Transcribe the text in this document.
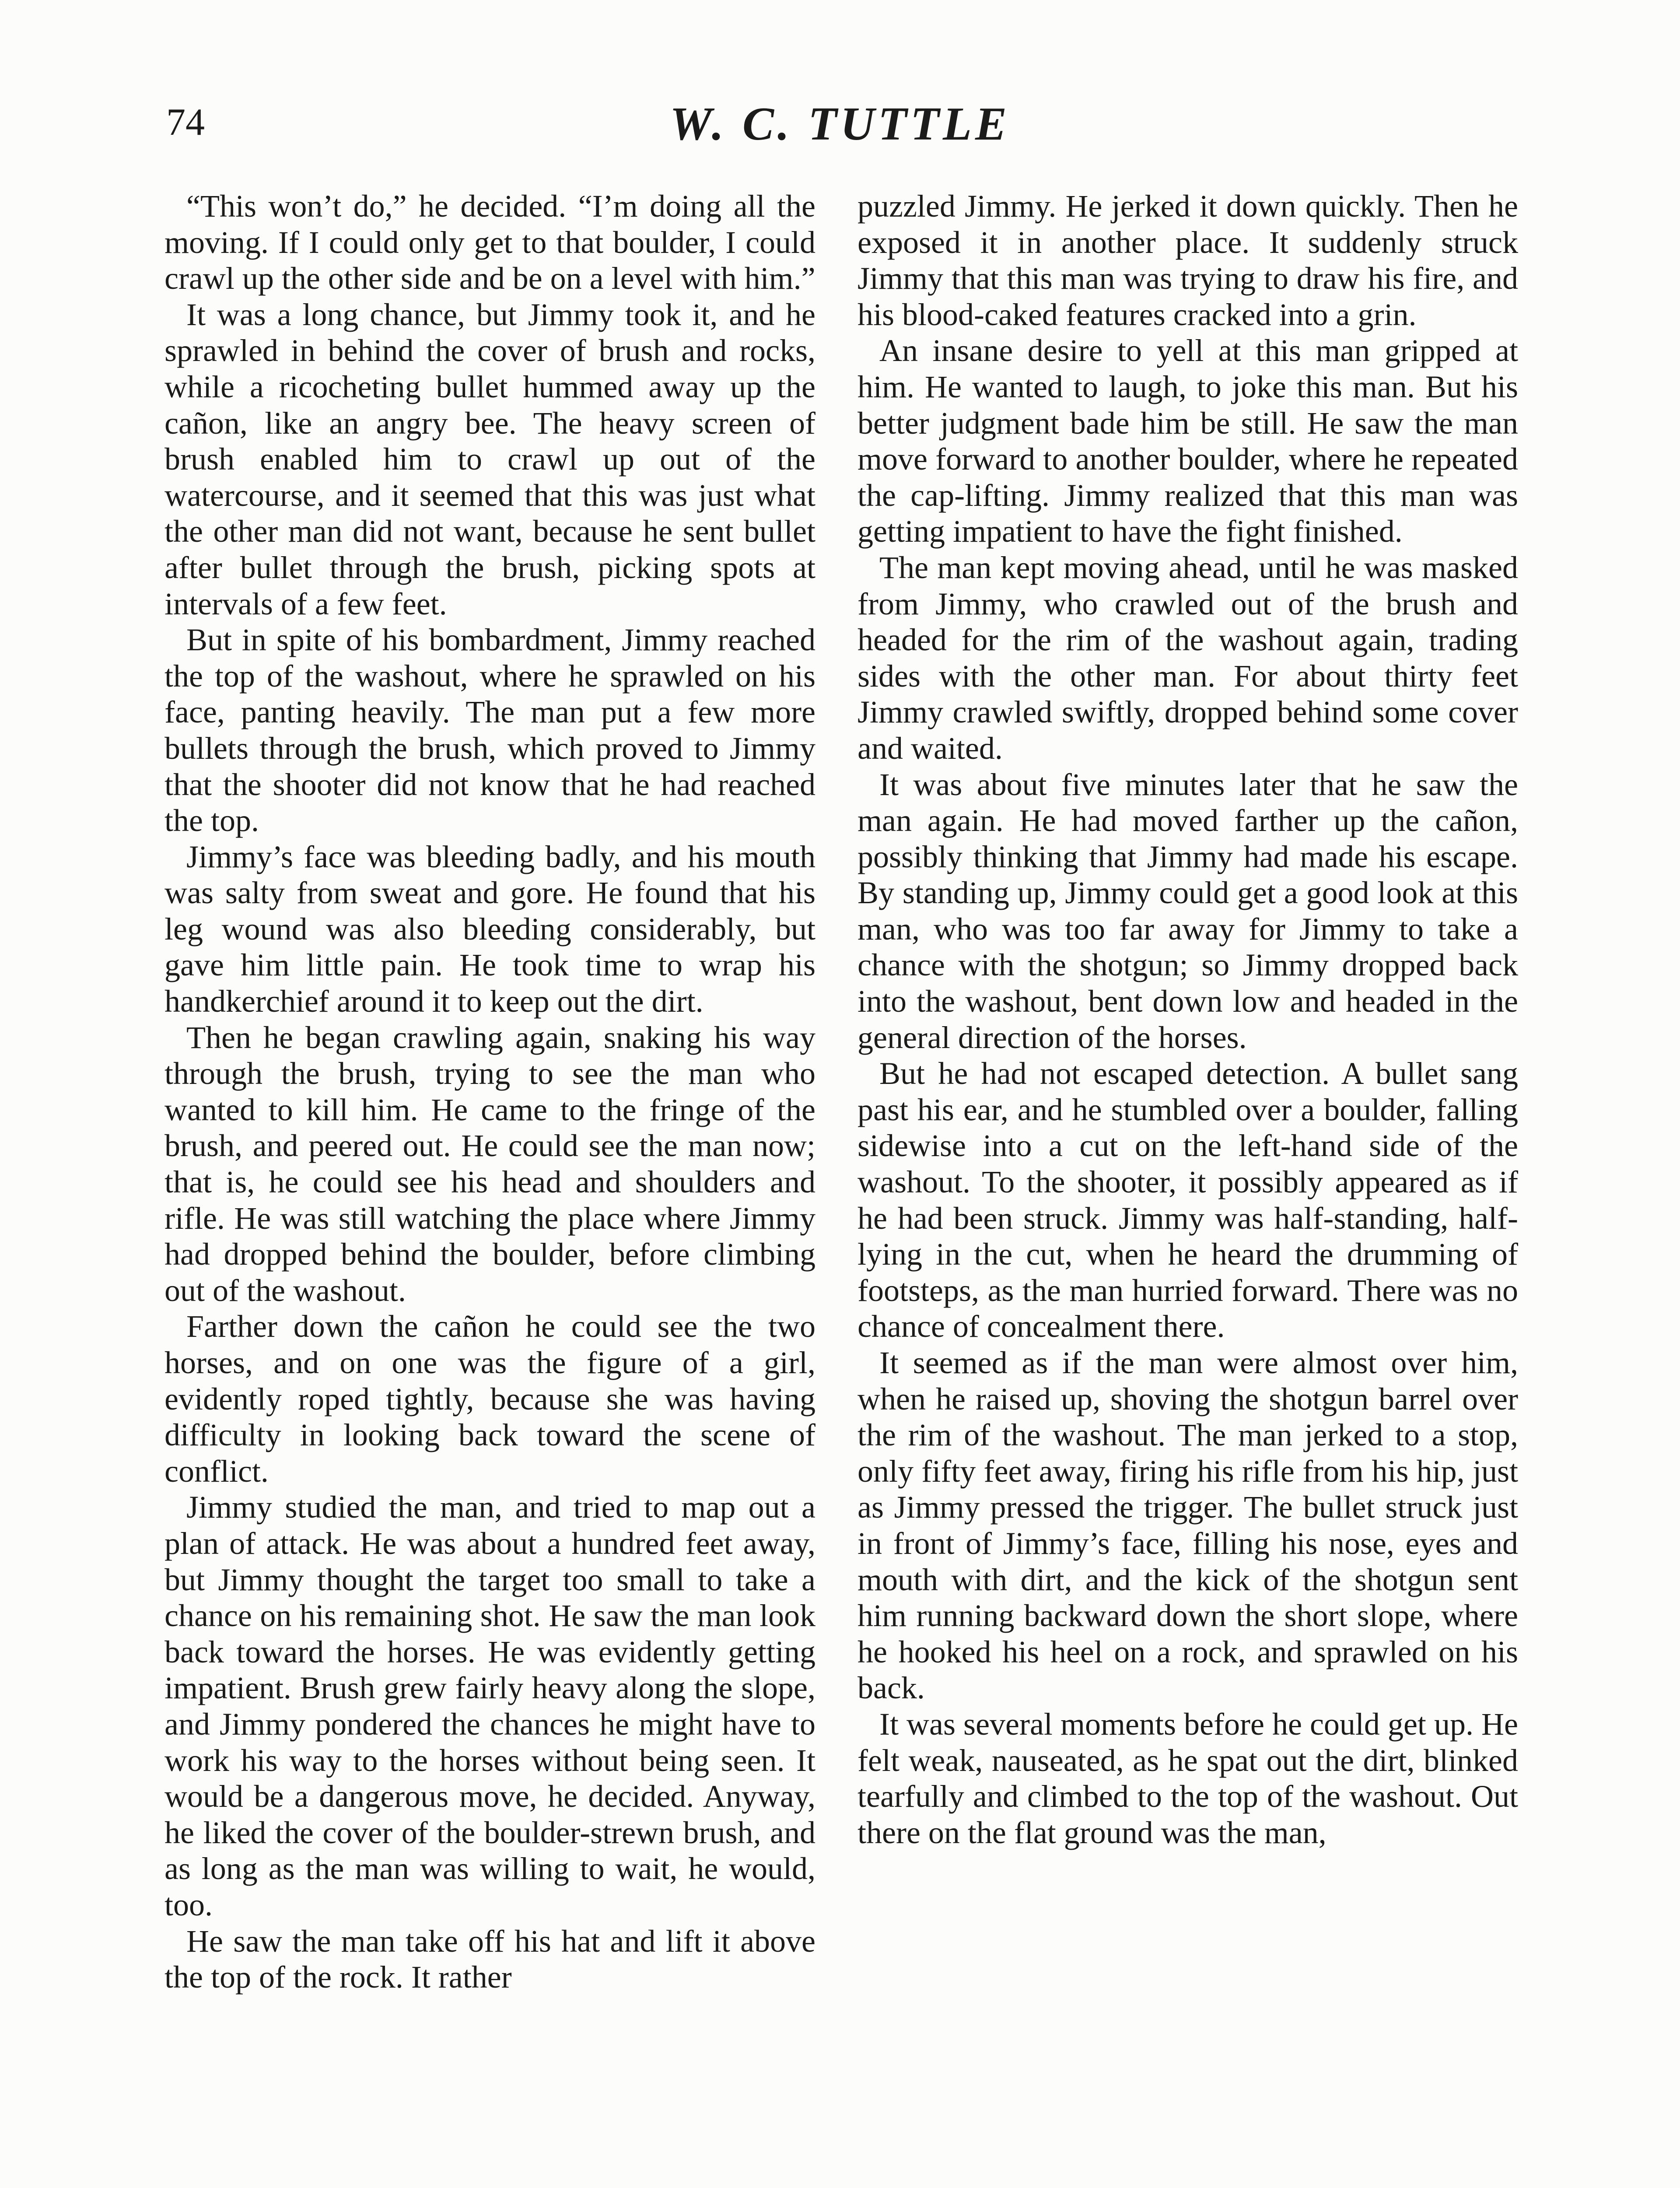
74	W. C. TUTTLE

“This won’t do,” he decided. “I’m doing all the moving. If I could only get to that boulder, I could crawl up the other side and be on a level with him.”

It was a long chance, but Jimmy took it, and he sprawled in behind the cover of brush and rocks, while a ricocheting bullet hummed away up the cañon, like an angry bee. The heavy screen of brush enabled him to crawl up out of the watercourse, and it seemed that this was just what the other man did not want, because he sent bullet after bullet through the brush, picking spots at intervals of a few feet.

But in spite of his bombardment, Jimmy reached the top of the washout, where he sprawled on his face, panting heavily. The man put a few more bullets through the brush, which proved to Jimmy that the shooter did not know that he had reached the top.

Jimmy’s face was bleeding badly, and his mouth was salty from sweat and gore. He found that his leg wound was also bleeding considerably, but gave him little pain. He took time to wrap his handkerchief around it to keep out the dirt.

Then he began crawling again, snaking his way through the brush, trying to see the man who wanted to kill him. He came to the fringe of the brush, and peered out. He could see the man now; that is, he could see his head and shoulders and rifle. He was still watching the place where Jimmy had dropped behind the boulder, before climbing out of the washout.

Farther down the cañon he could see the two horses, and on one was the figure of a girl, evidently roped tightly, because she was having difficulty in looking back toward the scene of conflict.

Jimmy studied the man, and tried to map out a plan of attack. He was about a hundred feet away, but Jimmy thought the target too small to take a chance on his remaining shot. He saw the man look back toward the horses. He was evidently getting impatient. Brush grew fairly heavy along the slope, and Jimmy pondered the chances he might have to work his way to the horses without being seen. It would be a dangerous move, he decided. Anyway, he liked the cover of the boulder-strewn brush, and as long as the man was willing to wait, he would, too.

He saw the man take off his hat and lift it above the top of the rock. It rather

puzzled Jimmy. He jerked it down quickly. Then he exposed it in another place. It suddenly struck Jimmy that this man was trying to draw his fire, and his blood-caked features cracked into a grin.

An insane desire to yell at this man gripped at him. He wanted to laugh, to joke this man. But his better judgment bade him be still. He saw the man move forward to another boulder, where he repeated the cap-lifting. Jimmy realized that this man was getting impatient to have the fight finished.

The man kept moving ahead, until he was masked from Jimmy, who crawled out of the brush and headed for the rim of the washout again, trading sides with the other man. For about thirty feet Jimmy crawled swiftly, dropped behind some cover and waited.

It was about five minutes later that he saw the man again. He had moved farther up the cañon, possibly thinking that Jimmy had made his escape. By standing up, Jimmy could get a good look at this man, who was too far away for Jimmy to take a chance with the shotgun; so Jimmy dropped back into the washout, bent down low and headed in the general direction of the horses.

But he had not escaped detection. A bullet sang past his ear, and he stumbled over a boulder, falling sidewise into a cut on the left-hand side of the washout. To the shooter, it possibly appeared as if he had been struck. Jimmy was half-standing, half-lying in the cut, when he heard the drumming of footsteps, as the man hurried forward. There was no chance of concealment there.

It seemed as if the man were almost over him, when he raised up, shoving the shotgun barrel over the rim of the washout. The man jerked to a stop, only fifty feet away, firing his rifle from his hip, just as Jimmy pressed the trigger. The bullet struck just in front of Jimmy’s face, filling his nose, eyes and mouth with dirt, and the kick of the shotgun sent him running backward down the short slope, where he hooked his heel on a rock, and sprawled on his back.

It was several moments before he could get up. He felt weak, nauseated, as he spat out the dirt, blinked tearfully and climbed to the top of the washout. Out there on the flat ground was the man,
